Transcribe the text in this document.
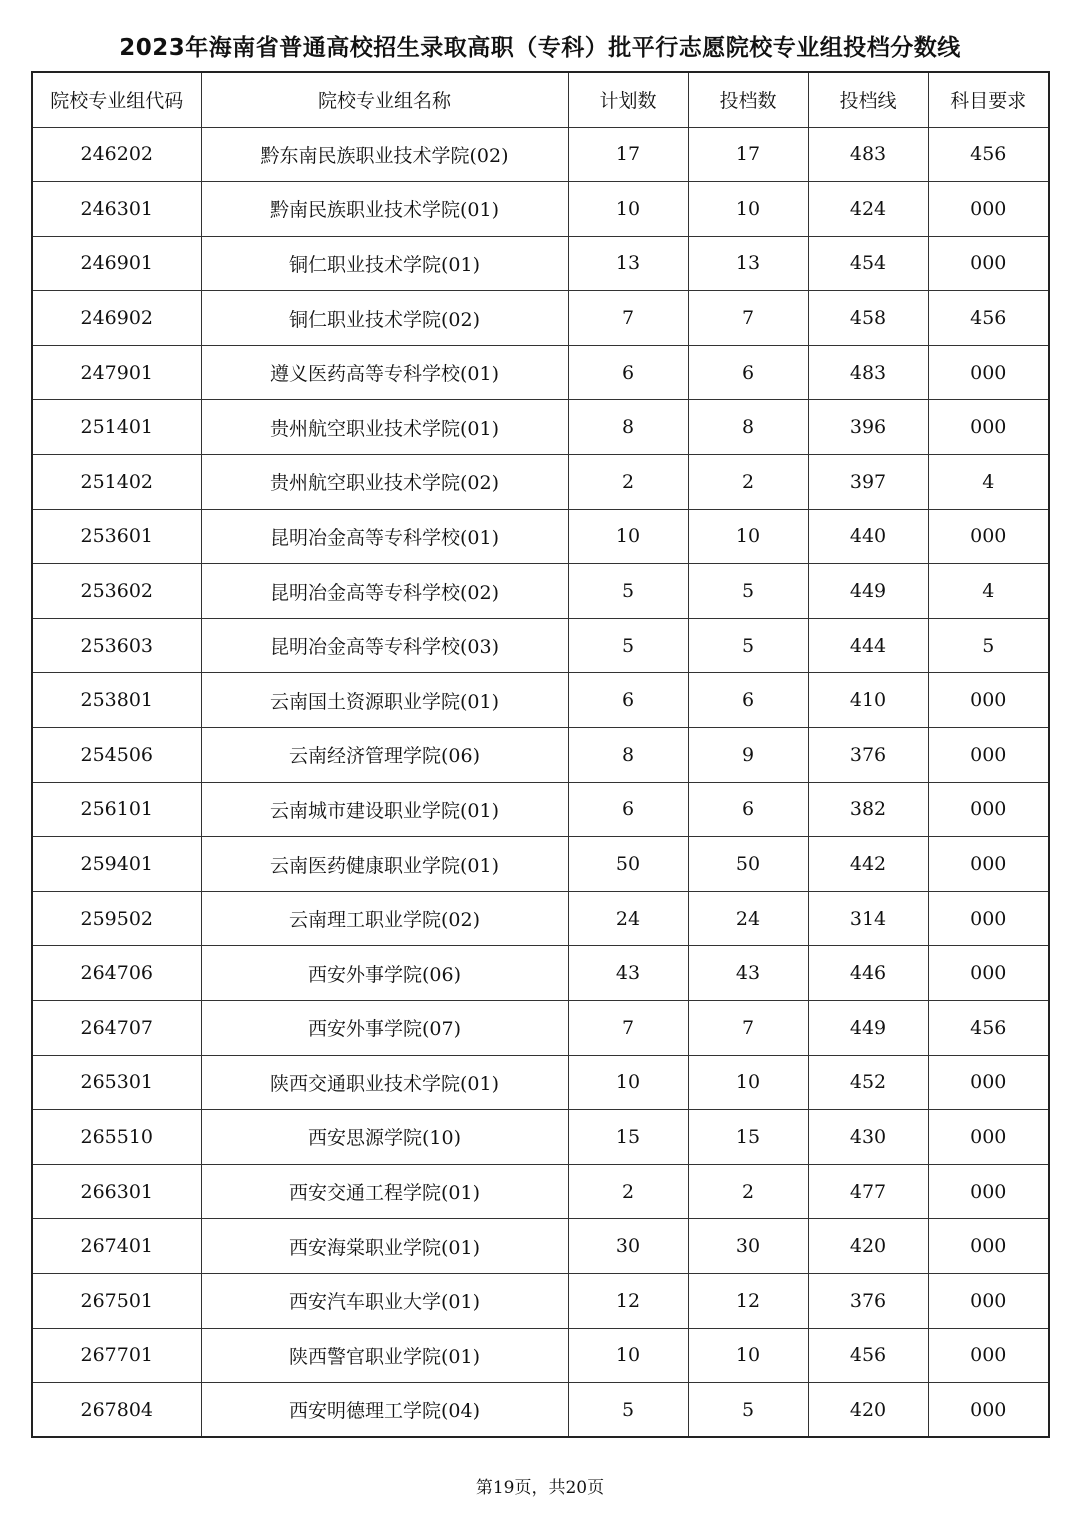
2023年海南省普通高校招生录取高职（专科）批平行志愿院校专业组投档分数线
院校专业组代码	院校专业组名称	计划数	投档数	投档线	科目要求
246202	黔东南民族职业技术学院(02)	17	17	483	456
246301	黔南民族职业技术学院(01)	10	10	424	000
246901	铜仁职业技术学院(01)	13	13	454	000
246902	铜仁职业技术学院(02)	7	7	458	456
247901	遵义医药高等专科学校(01)	6	6	483	000
251401	贵州航空职业技术学院(01)	8	8	396	000
251402	贵州航空职业技术学院(02)	2	2	397	4
253601	昆明冶金高等专科学校(01)	10	10	440	000
253602	昆明冶金高等专科学校(02)	5	5	449	4
253603	昆明冶金高等专科学校(03)	5	5	444	5
253801	云南国土资源职业学院(01)	6	6	410	000
254506	云南经济管理学院(06)	8	9	376	000
256101	云南城市建设职业学院(01)	6	6	382	000
259401	云南医药健康职业学院(01)	50	50	442	000
259502	云南理工职业学院(02)	24	24	314	000
264706	西安外事学院(06)	43	43	446	000
264707	西安外事学院(07)	7	7	449	456
265301	陕西交通职业技术学院(01)	10	10	452	000
265510	西安思源学院(10)	15	15	430	000
266301	西安交通工程学院(01)	2	2	477	000
267401	西安海棠职业学院(01)	30	30	420	000
267501	西安汽车职业大学(01)	12	12	376	000
267701	陕西警官职业学院(01)	10	10	456	000
267804	西安明德理工学院(04)	5	5	420	000
第19页，共20页
